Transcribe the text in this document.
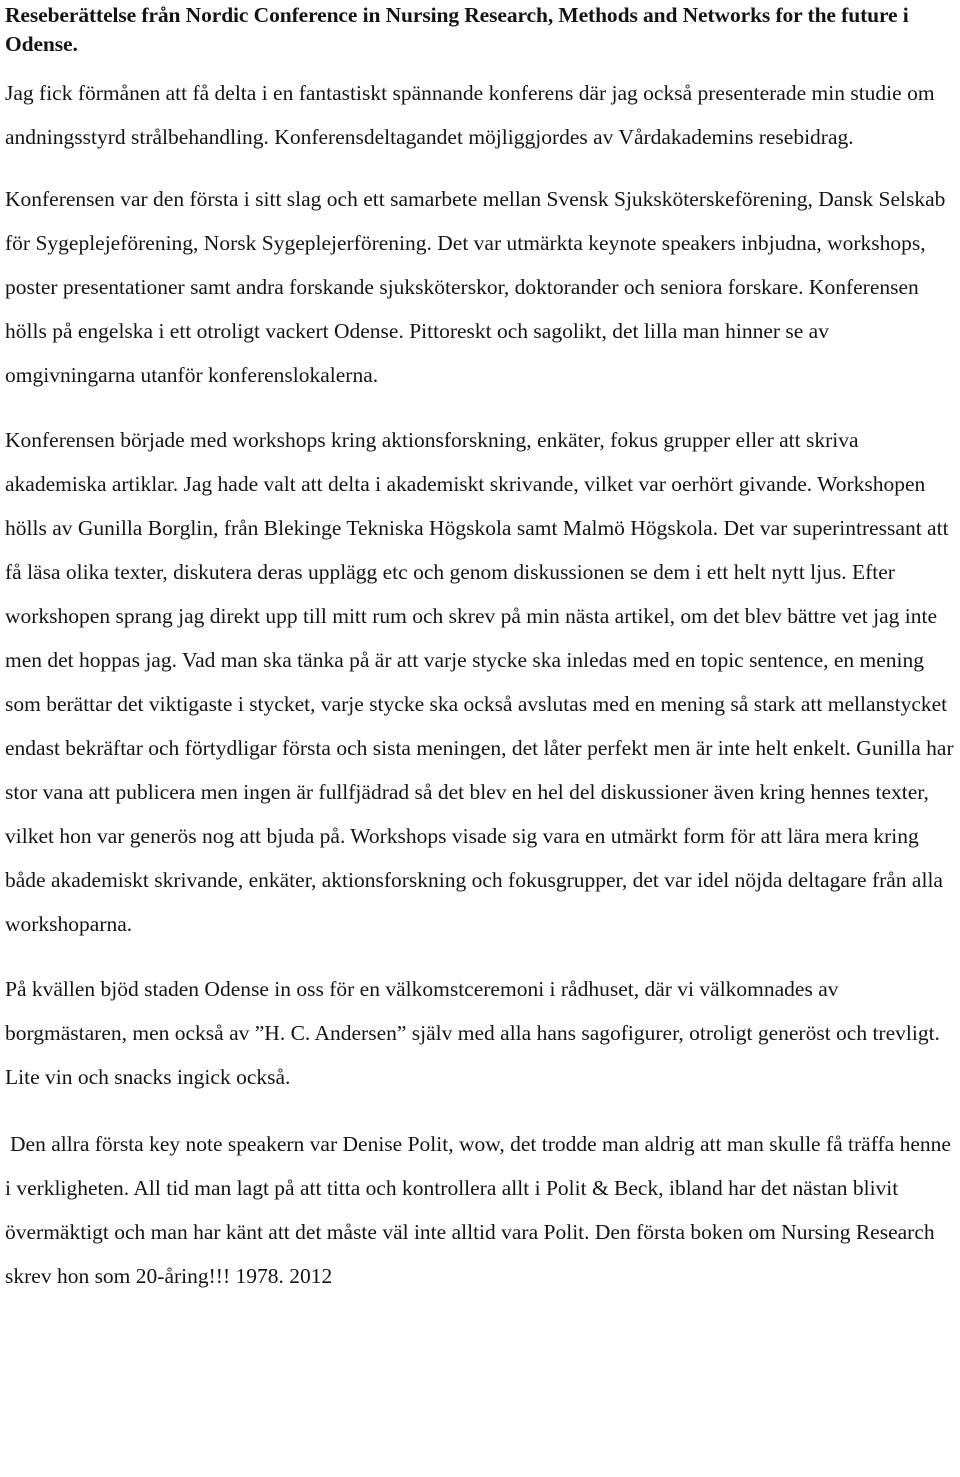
Reseberättelse från Nordic Conference in Nursing Research, Methods and Networks for the future i Odense.

Jag fick förmånen att få delta i en fantastiskt spännande konferens där jag också presenterade min studie om andningsstyrd strålbehandling. Konferensdeltagandet möjliggjordes av Vårdakademins resebidrag.

Konferensen var den första i sitt slag och ett samarbete mellan Svensk Sjuksköterskeförening, Dansk Selskab för Sygeplejeförening, Norsk Sygeplejerförening. Det var utmärkta keynote speakers inbjudna, workshops, poster presentationer samt andra forskande sjuksköterskor, doktorander och seniora forskare. Konferensen hölls på engelska i ett otroligt vackert Odense. Pittoreskt och sagolikt, det lilla man hinner se av omgivningarna utanför konferenslokalerna.

Konferensen började med workshops kring aktionsforskning, enkäter, fokus grupper eller att skriva akademiska artiklar. Jag hade valt att delta i akademiskt skrivande, vilket var oerhört givande. Workshopen hölls av Gunilla Borglin, från Blekinge Tekniska Högskola samt Malmö Högskola. Det var superintressant att få läsa olika texter, diskutera deras upplägg etc och genom diskussionen se dem i ett helt nytt ljus. Efter workshopen sprang jag direkt upp till mitt rum och skrev på min nästa artikel, om det blev bättre vet jag inte men det hoppas jag. Vad man ska tänka på är att varje stycke ska inledas med en topic sentence, en mening som berättar det viktigaste i stycket, varje stycke ska också avslutas med en mening så stark att mellanstycket endast bekräftar och förtydligar första och sista meningen, det låter perfekt men är inte helt enkelt. Gunilla har stor vana att publicera men ingen är fullfjädrad så det blev en hel del diskussioner även kring hennes texter, vilket hon var generös nog att bjuda på. Workshops visade sig vara en utmärkt form för att lära mera kring både akademiskt skrivande, enkäter, aktionsforskning och fokusgrupper, det var idel nöjda deltagare från alla workshoparna.

På kvällen bjöd staden Odense in oss för en välkomstceremoni i rådhuset, där vi välkomnades av borgmästaren, men också av ”H. C. Andersen” själv med alla hans sagofigurer, otroligt generöst och trevligt. Lite vin och snacks ingick också.

Den allra första key note speakern var Denise Polit, wow, det trodde man aldrig att man skulle få träffa henne i verkligheten. All tid man lagt på att titta och kontrollera allt i Polit & Beck, ibland har det nästan blivit övermäktigt och man har känt att det måste väl inte alltid vara Polit. Den första boken om Nursing Research skrev hon som 20-åring!!! 1978. 2012
